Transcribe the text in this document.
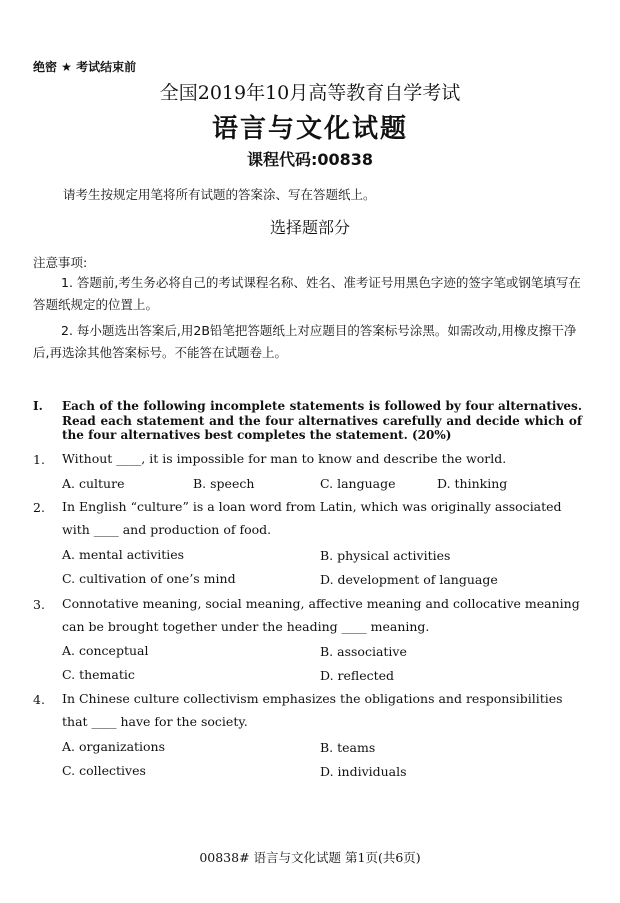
绝密 ★ 考试结束前
全国2019年10月高等教育自学考试
语言与文化试题
课程代码:00838
请考生按规定用笔将所有试题的答案涂、写在答题纸上。
选择题部分
注意事项:
1. 答题前,考生务必将自己的考试课程名称、姓名、准考证号用黑色字迹的签字笔或钢笔填写在答题纸规定的位置上。
2. 每小题选出答案后,用2B铅笔把答题纸上对应题目的答案标号涂黑。如需改动,用橡皮擦干净后,再选涂其他答案标号。不能答在试题卷上。
I. Each of the following incomplete statements is followed by four alternatives. Read each statement and the four alternatives carefully and decide which of the four alternatives best completes the statement. (20%)
1. Without ____, it is impossible for man to know and describe the world.
A. culture	B. speech	C. language	D. thinking
2. In English “culture” is a loan word from Latin, which was originally associated with ____ and production of food.
A. mental activities	B. physical activities
C. cultivation of one’s mind	D. development of language
3. Connotative meaning, social meaning, affective meaning and collocative meaning can be brought together under the heading ____ meaning.
A. conceptual	B. associative
C. thematic	D. reflected
4. In Chinese culture collectivism emphasizes the obligations and responsibilities that ____ have for the society.
A. organizations	B. teams
C. collectives	D. individuals
00838# 语言与文化试题 第1页(共6页)
